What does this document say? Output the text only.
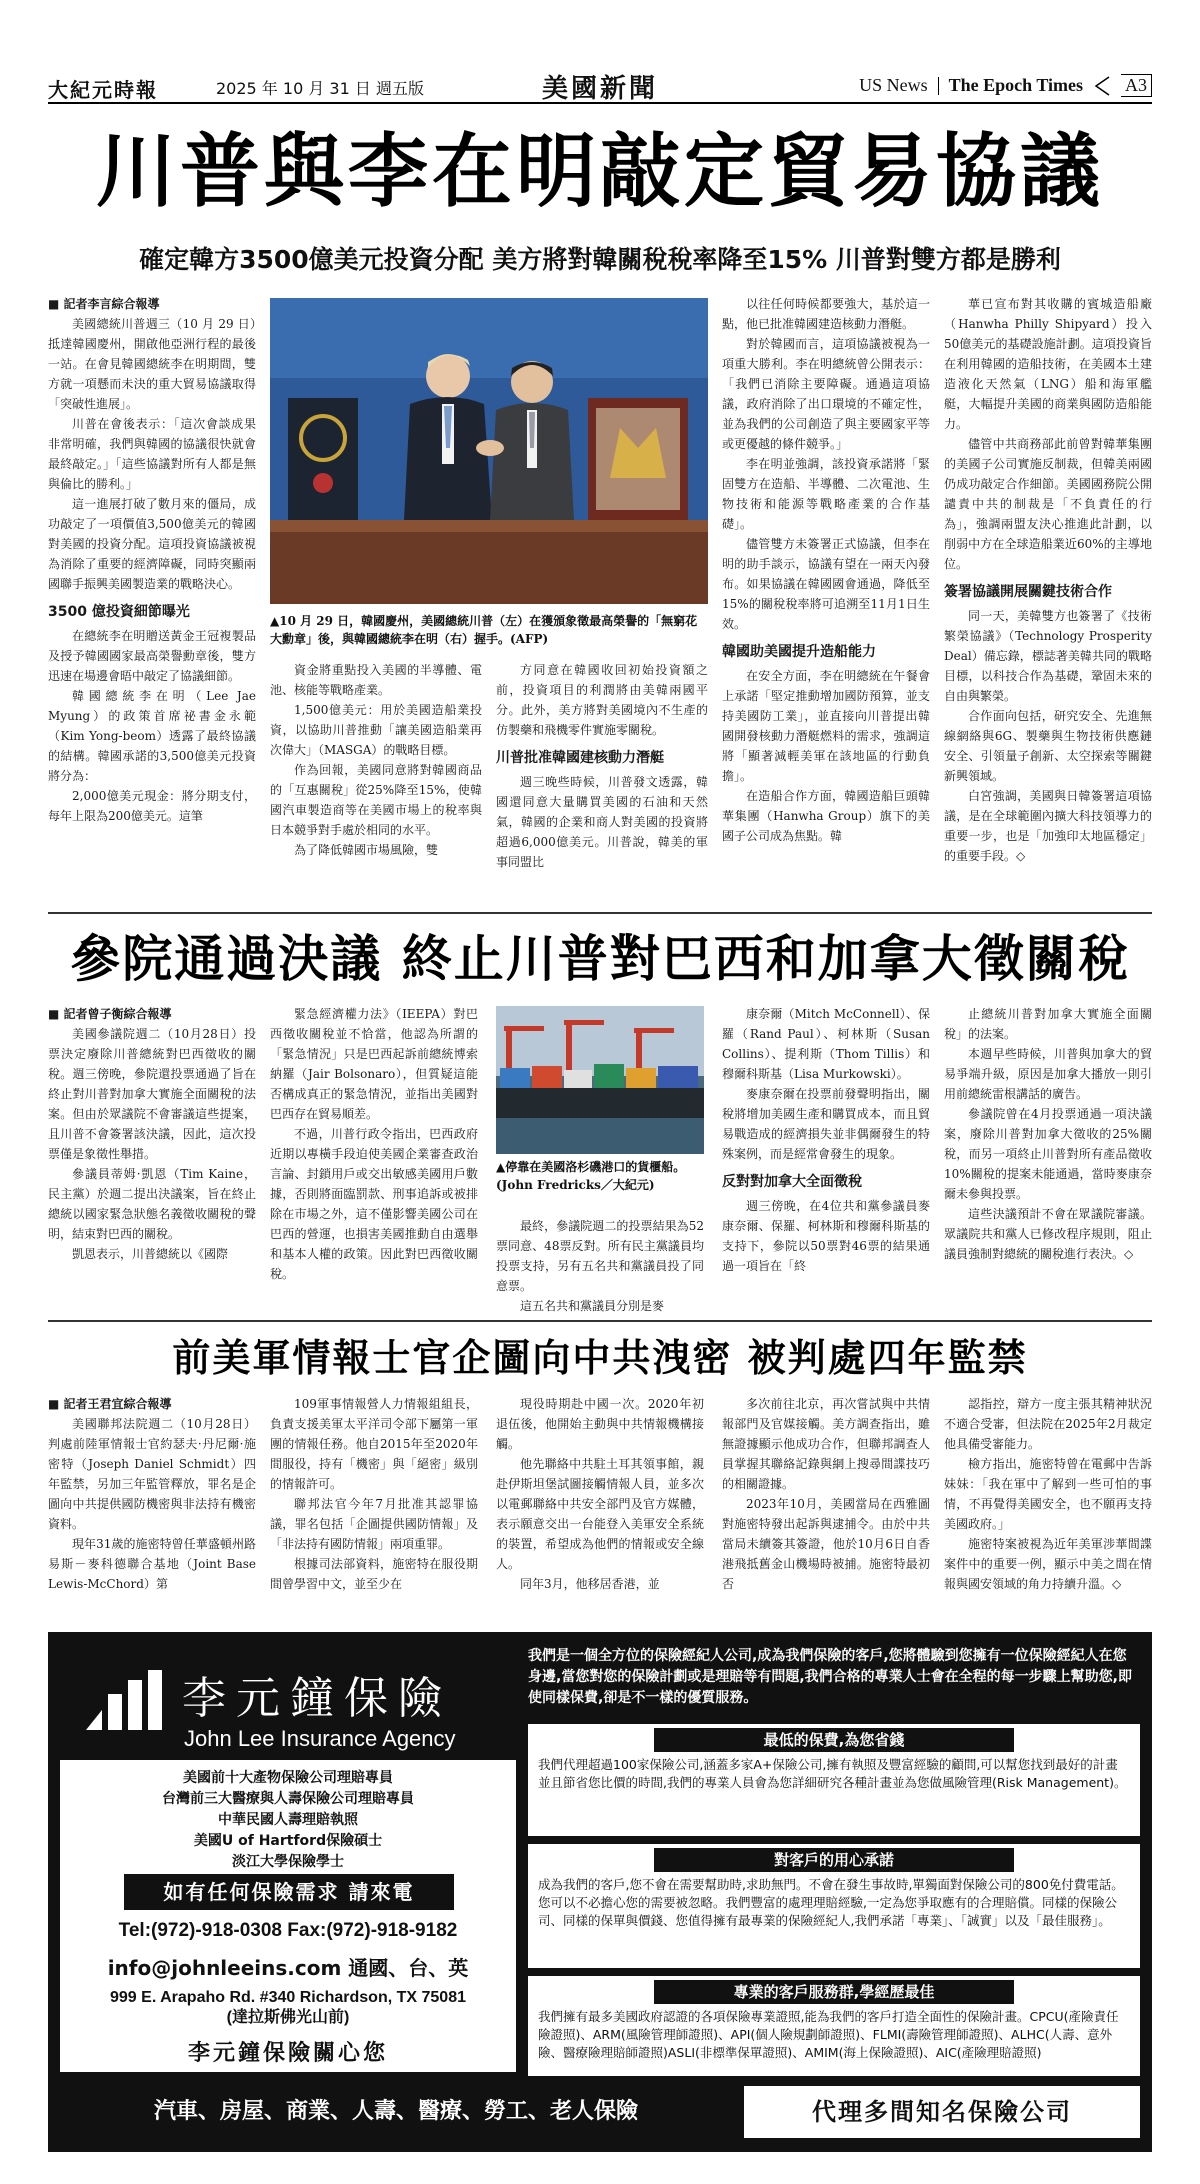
大紀元時報	2025 年 10 月 31 日 週五版	美國新聞	US News The Epoch Times A3
川普與李在明敲定貿易協議
確定韓方3500億美元投資分配 美方將對韓關稅稅率降至15% 川普對雙方都是勝利

■ 記者李言綜合報導

美國總統川普週三（10 月 29 日）抵達韓國慶州，開啟他亞洲行程的最後一站。在會見韓國總統李在明期間，雙方就一項懸而未決的重大貿易協議取得「突破性進展」。

川普在會後表示：「這次會談成果非常明確，我們與韓國的協議很快就會最終敲定。」「這些協議對所有人都是無與倫比的勝利。」

這一進展打破了數月來的僵局，成功敲定了一項價值3,500億美元的韓國對美國的投資分配。這項投資協議被視為消除了重要的經濟障礙，同時突顯兩國聯手振興美國製造業的戰略決心。

3500 億投資細節曝光

在總統李在明贈送黃金王冠複製品及授予韓國國家最高榮譽勳章後，雙方迅速在場邊會晤中敲定了協議細節。

韓國總統李在明（Lee Jae Myung）的政策首席祕書金永範（Kim Yong-beom）透露了最終協議的結構。韓國承諾的3,500億美元投資將分為：

2,000億美元現金：將分期支付，每年上限為200億美元。這筆

▲10 月 29 日，韓國慶州，美國總統川普（左）在獲頒象徵最高榮譽的「無窮花大勳章」後，與韓國總統李在明（右）握手。(AFP)

資金將重點投入美國的半導體、電池、核能等戰略產業。

1,500億美元：用於美國造船業投資，以協助川普推動「讓美國造船業再次偉大」（MASGA）的戰略目標。

作為回報，美國同意將對韓國商品的「互惠關稅」從25%降至15%，使韓國汽車製造商等在美國市場上的稅率與日本競爭對手處於相同的水平。

為了降低韓國市場風險，雙

方同意在韓國收回初始投資額之前，投資項目的利潤將由美韓兩國平分。此外，美方將對美國境內不生產的仿製藥和飛機零件實施零關稅。

川普批准韓國建核動力潛艇

週三晚些時候，川普發文透露，韓國還同意大量購買美國的石油和天然氣，韓國的企業和商人對美國的投資將超過6,000億美元。川普說，韓美的軍事同盟比

以往任何時候都要強大，基於這一點，他已批准韓國建造核動力潛艇。

對於韓國而言，這項協議被視為一項重大勝利。李在明總統曾公開表示：「我們已消除主要障礙。通過這項協議，政府消除了出口環境的不確定性，並為我們的公司創造了與主要國家平等或更優越的條件競爭。」

李在明並強調，該投資承諾將「緊固雙方在造船、半導體、二次電池、生物技術和能源等戰略產業的合作基礎」。

儘管雙方未簽署正式協議，但李在明的助手談示，協議有望在一兩天內發布。如果協議在韓國國會通過，降低至15%的關稅稅率將可追溯至11月1日生效。

韓國助美國提升造船能力

在安全方面，李在明總統在午餐會上承諾「堅定推動增加國防預算，並支持美國防工業」，並直接向川普提出韓國開發核動力潛艇燃料的需求，強調這將「顯著減輕美軍在該地區的行動負擔」。

在造船合作方面，韓國造船巨頭韓華集團（Hanwha Group）旗下的美國子公司成為焦點。韓

華已宣布對其收購的賓城造船廠（Hanwha Philly Shipyard）投入50億美元的基礎設施計劃。這項投資旨在利用韓國的造船技術，在美國本土建造液化天然氣（LNG）船和海軍艦艇，大幅提升美國的商業與國防造船能力。

儘管中共商務部此前曾對韓華集團的美國子公司實施反制裁，但韓美兩國仍成功敲定合作細節。美國國務院公開譴責中共的制裁是「不負責任的行為」，強調兩盟友決心推進此計劃，以削弱中方在全球造船業近60%的主導地位。

簽署協議開展關鍵技術合作

同一天，美韓雙方也簽署了《技術繁榮協議》（Technology Prosperity Deal）備忘錄，標誌著美韓共同的戰略目標，以科技合作為基礎，鞏固未來的自由與繁榮。

合作面向包括，研究安全、先進無線網絡與6G、製藥與生物技術供應鏈安全、引領量子創新、太空探索等關鍵新興領域。

白宮強調，美國與日韓簽署這項協議，是在全球範圍內擴大科技領導力的重要一步，也是「加強印太地區穩定」的重要手段。◇

參院通過決議 終止川普對巴西和加拿大徵關稅

■ 記者曾子衡綜合報導

美國參議院週二（10月28日）投票決定廢除川普總統對巴西徵收的關稅。週三傍晚，參院還投票通過了旨在終止對川普對加拿大實施全面關稅的法案。但由於眾議院不會審議這些提案，且川普不會簽署該決議，因此，這次投票僅是象徵性舉措。

參議員蒂姆·凱恩（Tim Kaine，民主黨）於週二提出決議案，旨在終止總統以國家緊急狀態名義徵收關稅的聲明，結束對巴西的關稅。

凱恩表示，川普總統以《國際

緊急經濟權力法》（IEEPA）對巴西徵收關稅並不恰當，他認為所謂的「緊急情況」只是巴西起訴前總統博索納羅（Jair Bolsonaro），但質疑這能否構成真正的緊急情況，並指出美國對巴西存在貿易順差。

不過，川普行政令指出，巴西政府近期以專橫手段迫使美國企業審查政治言論、封鎖用戶或交出敏感美國用戶數據，否則將面臨罰款、刑事追訴或被排除在市場之外，這不僅影響美國公司在巴西的營運，也損害美國推動自由選舉和基本人權的政策。因此對巴西徵收關稅。

▲停靠在美國洛杉磯港口的貨櫃船。(John Fredricks／大紀元)

最終，參議院週二的投票結果為52票同意、48票反對。所有民主黨議員均投票支持，另有五名共和黨議員投了同意票。

這五名共和黨議員分別是麥

康奈爾（Mitch McConnell）、保羅（Rand Paul）、柯林斯（Susan Collins）、提利斯（Thom Tillis）和穆爾科斯基（Lisa Murkowski）。

麥康奈爾在投票前發聲明指出，關稅將增加美國生產和購買成本，而且貿易戰造成的經濟損失並非偶爾發生的特殊案例，而是經常會發生的現象。

反對對加拿大全面徵稅

週三傍晚，在4位共和黨參議員麥康奈爾、保羅、柯林斯和穆爾科斯基的支持下，參院以50票對46票的結果通過一項旨在「終

止總統川普對加拿大實施全面關稅」的法案。

本週早些時候，川普與加拿大的貿易爭端升級，原因是加拿大播放一則引用前總統雷根講話的廣告。

參議院曾在4月投票通過一項決議案，廢除川普對加拿大徵收的25%關稅，而另一項終止川普對所有產品徵收10%關稅的提案未能通過，當時麥康奈爾未參與投票。

這些決議預計不會在眾議院審議。眾議院共和黨人已修改程序規則，阻止議員強制對總統的關稅進行表決。◇

前美軍情報士官企圖向中共洩密 被判處四年監禁

■ 記者王君宜綜合報導

美國聯邦法院週二（10月28日）判處前陸軍情報士官約瑟夫·丹尼爾·施密特（Joseph Daniel Schmidt）四年監禁，另加三年監管釋放，罪名是企圖向中共提供國防機密與非法持有機密資料。

現年31歲的施密特曾任華盛頓州路易斯－麥科德聯合基地（Joint Base Lewis-McChord）第

109軍事情報營人力情報組組長，負責支援美軍太平洋司令部下屬第一軍團的情報任務。他自2015年至2020年間服役，持有「機密」與「絕密」級別的情報許可。

聯邦法官今年7月批准其認罪協議，罪名包括「企圖提供國防情報」及「非法持有國防情報」兩項重罪。

根據司法部資料，施密特在服役期間曾學習中文，並至少在

現役時期赴中國一次。2020年初退伍後，他開始主動與中共情報機構接觸。

他先聯絡中共駐土耳其領事館，親赴伊斯坦堡試圖接觸情報人員，並多次以電郵聯絡中共安全部門及官方媒體，表示願意交出一台能登入美軍安全系統的裝置，希望成為他們的情報或安全線人。

同年3月，他移居香港，並

多次前往北京，再次嘗試與中共情報部門及官媒接觸。美方調查指出，雖無證據顯示他成功合作，但聯邦調查人員掌握其聯絡記錄與網上搜尋間諜技巧的相關證據。

2023年10月，美國當局在西雅圖對施密特發出起訴與逮捕令。由於中共當局未續簽其簽證，他於10月6日自香港飛抵舊金山機場時被捕。施密特最初否

認指控，辯方一度主張其精神狀況不適合受審，但法院在2025年2月裁定他具備受審能力。

檢方指出，施密特曾在電郵中告訴妹妹：「我在軍中了解到一些可怕的事情，不再覺得美國安全，也不願再支持美國政府。」

施密特案被視為近年美軍涉華間諜案件中的重要一例，顯示中美之間在情報與國安領域的角力持續升溫。◇

李元鐘保險
John Lee Insurance Agency
美國前十大產物保險公司理賠專員
台灣前三大醫療與人壽保險公司理賠專員
中華民國人壽理賠執照
美國U of Hartford保險碩士
淡江大學保險學士
如有任何保險需求 請來電
Tel:(972)-918-0308 Fax:(972)-918-9182
info@johnleeins.com 通國、台、英
999 E. Arapaho Rd. #340 Richardson, TX 75081
(達拉斯佛光山前)
李元鐘保險關心您
我們是一個全方位的保險經紀人公司,成為我們保險的客戶,您將體驗到您擁有一位保險經紀人在您身邊,當您對您的保險計劃或是理賠等有問題,我們合格的專業人士會在全程的每一步驟上幫助您,即使同樣保費,卻是不一樣的優質服務。
最低的保費,為您省錢
我們代理超過100家保險公司,涵蓋多家A+保險公司,擁有執照及豐富經驗的顧問,可以幫您找到最好的計畫並且節省您比價的時間,我們的專業人員會為您詳細研究各種計畫並為您做風險管理(Risk Management)。
對客戶的用心承諾
成為我們的客戶,您不會在需要幫助時,求助無門。不會在發生事故時,單獨面對保險公司的800免付費電話。您可以不必擔心您的需要被忽略。我們豐富的處理理賠經驗,一定為您爭取應有的合理賠償。同樣的保險公司、同樣的保單與價錢、您值得擁有最專業的保險經紀人,我們承諾「專業」、「誠實」以及「最佳服務」。
專業的客戶服務群,學經歷最佳
我們擁有最多美國政府認證的各項保險專業證照,能為我們的客戶打造全面性的保險計畫。CPCU(產險責任險證照)、ARM(風險管理師證照)、API(個人險規劃師證照)、FLMI(壽險管理師證照)、ALHC(人壽、意外險、醫療險理賠師證照)ASLI(非標準保單證照)、AMIM(海上保險證照)、AIC(產險理賠證照)
汽車、房屋、商業、人壽、醫療、勞工、老人保險	代理多間知名保險公司
